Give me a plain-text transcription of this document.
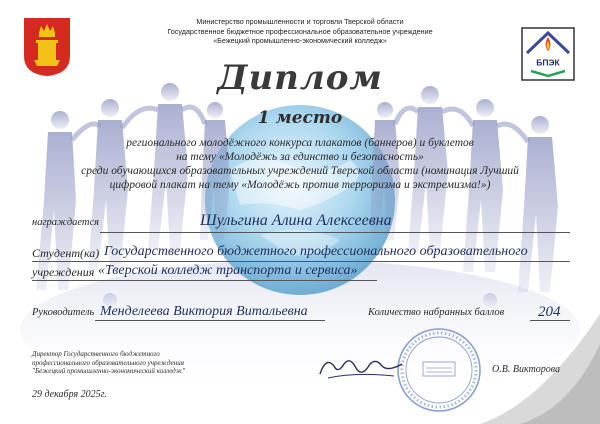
БПЭК
Министерство промышленности и торговли Тверской области
Государственное бюджетное профессиональное образовательное учреждение
«Бежецкий промышленно-экономический колледж»
Диплом
1 место
регионального молодёжного конкурса плакатов (баннеров) и буклетов
на тему «Молодёжь за единство и безопасность»
среди обучающихся образовательных учреждений Тверской области (номинация Лучший
цифровой плакат на тему «Молодёжь против терроризма и экстремизма!»)
награждается	Шульгина Алина Алексеевна
Студент(ка) Государственного бюджетного профессионального образовательного
учреждения «Тверской колледж транспорта и сервиса»
Руководитель Менделеева Виктория Витальевна	Количество набранных баллов 204
Директор Государственного бюджетного
профессионального образовательного учреждения
"Бежецкий промышленно-экономический колледж"	О.В. Викторова
29 декабря 2025г.
